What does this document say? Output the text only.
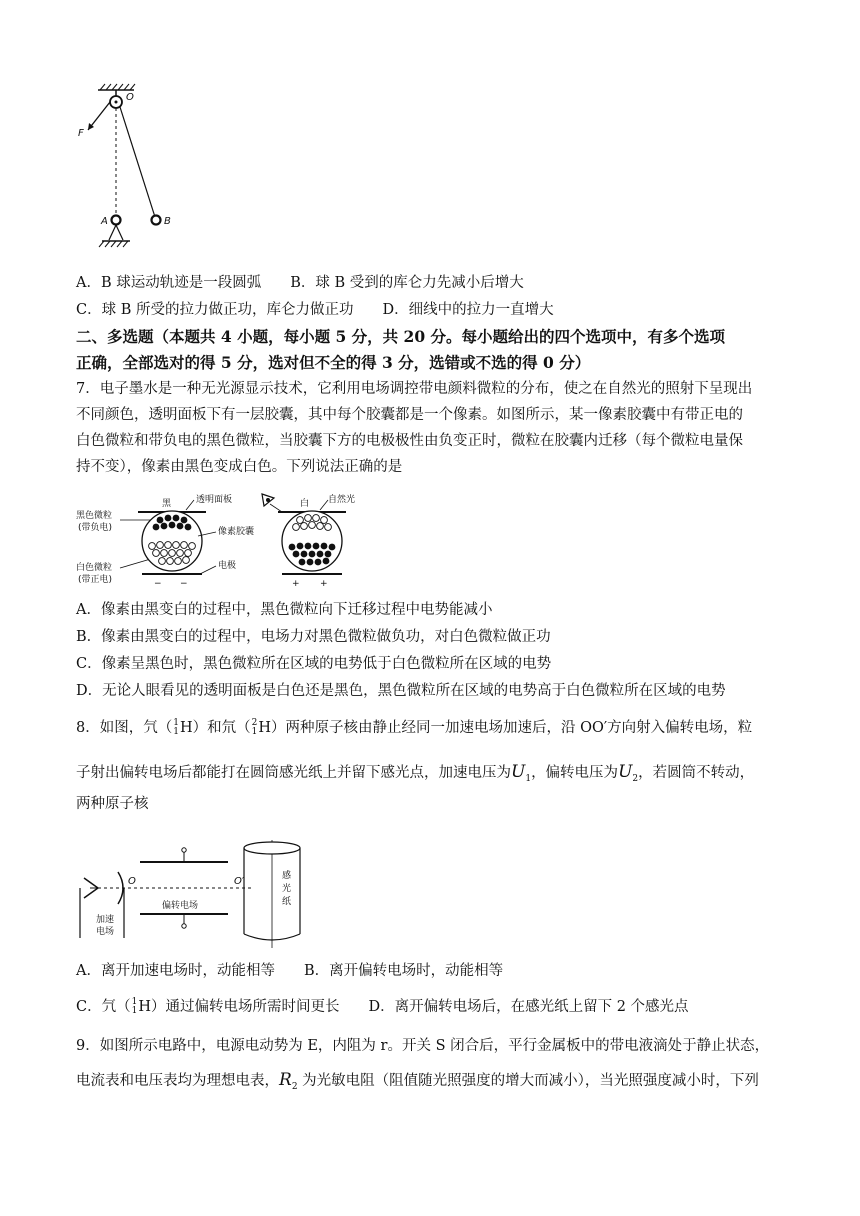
O
F
B
A
A．B 球运动轨迹是一段圆弧　　B．球 B 受到的库仑力先减小后增大
C．球 B 所受的拉力做正功，库仑力做正功　　D．细线中的拉力一直增大
二、多选题（本题共 4 小题，每小题 5 分，共 20 分。每小题给出的四个选项中，有多个选项
正确，全部选对的得 5 分，选对但不全的得 3 分，选错或不选的得 0 分）
7．电子墨水是一种无光源显示技术，它利用电场调控带电颜料微粒的分布，使之在自然光的照射下呈现出
不同颜色，透明面板下有一层胶囊，其中每个胶囊都是一个像素。如图所示，某一像素胶囊中有带正电的
白色微粒和带负电的黑色微粒，当胶囊下方的电极极性由负变正时，微粒在胶囊内迁移（每个微粒电量保
持不变），像素由黑色变成白色。下列说法正确的是
黑色微粒
(带负电)
白色微粒
(带正电)
黑	透明面板
− −
像素胶囊
电极
白 自然光
+ +
A．像素由黑变白的过程中，黑色微粒向下迁移过程中电势能减小
B．像素由黑变白的过程中，电场力对黑色微粒做负功，对白色微粒做正功
C．像素呈黑色时，黑色微粒所在区域的电势低于白色微粒所在区域的电势
D．无论人眼看见的透明面板是白色还是黑色，黑色微粒所在区域的电势高于白色微粒所在区域的电势
8．如图，氕（1
1H）和氘（2
1H）两种原子核由静止经同一加速电场加速后，沿 OO′方向射入偏转电场，粒
子射出偏转电场后都能打在圆筒感光纸上并留下感光点，加速电压为$U_1$，偏转电压为$U_2$，若圆筒不转动，
两种原子核
偏转电场
加速
电场
O	O′	感
光
纸
A．离开加速电场时，动能相等　　B．离开偏转电场时，动能相等
C．氕（1
1H）通过偏转电场所需时间更长　　D．离开偏转电场后，在感光纸上留下 2 个感光点
9．如图所示电路中，电源电动势为 E，内阻为 r。开关 S 闭合后，平行金属板中的带电液滴处于静止状态，
电流表和电压表均为理想电表，$R_2$ 为光敏电阻（阻值随光照强度的增大而减小），当光照强度减小时，下列
